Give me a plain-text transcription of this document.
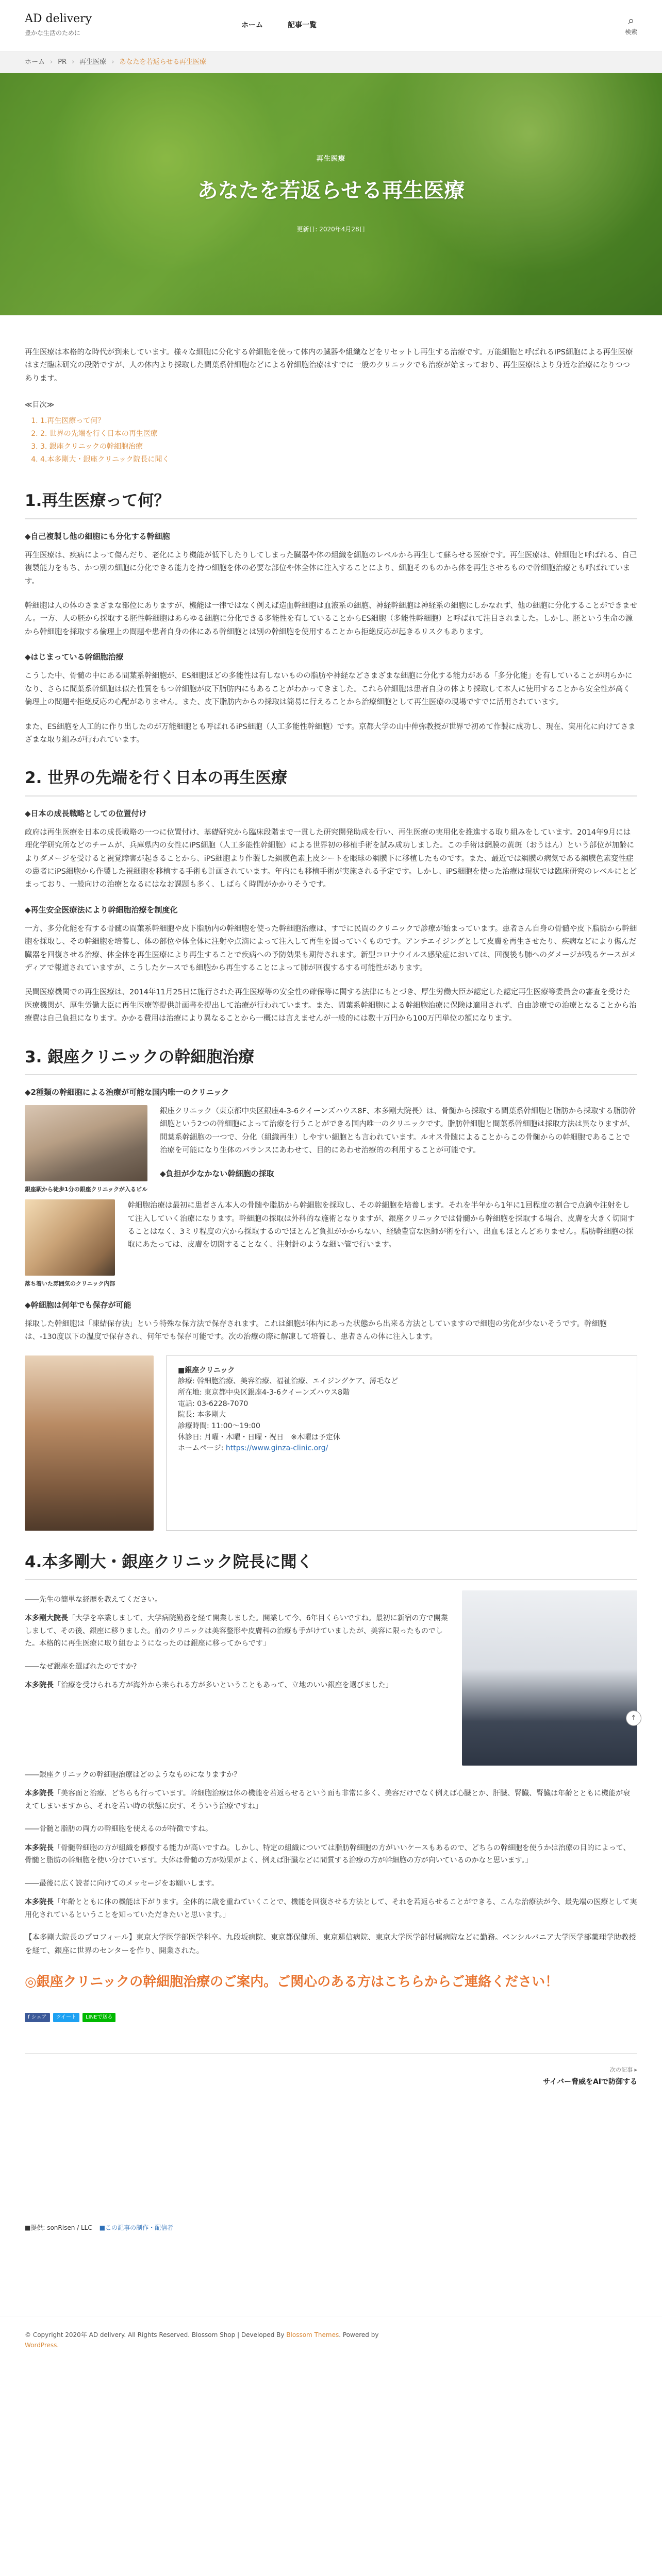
AD delivery
豊かな生活のために
ホーム	記事一覧	⌕
検索
ホーム › PR › 再生医療 › あなたを若返らせる再生医療
再生医療
あなたを若返らせる再生医療
更新日: 2020年4月28日

再生医療は本格的な時代が到来しています。様々な細胞に分化する幹細胞を使って体内の臓器や組織などをリセットし再生する治療です。万能細胞と呼ばれるiPS細胞による再生医療はまだ臨床研究の段階ですが、人の体内より採取した間葉系幹細胞などによる幹細胞治療はすでに一般のクリニックでも治療が始まっており、再生医療はより身近な治療になりつつあります。

≪目次≫
1. 1.再生医療って何？
2. 2. 世界の先端を行く日本の再生医療
3. 3. 銀座クリニックの幹細胞治療
4. 4.本多剛大・銀座クリニック院長に聞く
1.再生医療って何？
◆自己複製し他の細胞にも分化する幹細胞

再生医療は、疾病によって傷んだり、老化により機能が低下したりしてしまった臓器や体の組織を細胞のレベルから再生して蘇らせる医療です。再生医療は、幹細胞と呼ばれる、自己複製能力をもち、かつ別の細胞に分化できる能力を持つ細胞を体の必要な部位や体全体に注入することにより、細胞そのものから体を再生させるもので幹細胞治療とも呼ばれています。

幹細胞は人の体のさまざまな部位にありますが、機能は一律ではなく例えば造血幹細胞は血液系の細胞、神経幹細胞は神経系の細胞にしかなれず、他の細胞に分化することができません。一方、人の胚から採取する胚性幹細胞はあらゆる細胞に分化できる多能性を有していることからES細胞（多能性幹細胞）と呼ばれて注目されました。しかし、胚という生命の源から幹細胞を採取する倫理上の問題や患者自身の体にある幹細胞とは別の幹細胞を使用することから拒絶反応が起きるリスクもあります。

◆はじまっている幹細胞治療

こうした中、骨髄の中にある間葉系幹細胞が、ES細胞ほどの多能性は有しないものの脂肪や神経などさまざまな細胞に分化する能力がある「多分化能」を有していることが明らかになり、さらに間葉系幹細胞は似た性質をもつ幹細胞が皮下脂肪内にもあることがわかってきました。これら幹細胞は患者自身の体より採取して本人に使用することから安全性が高く倫理上の問題や拒絶反応の心配がありません。また、皮下脂肪内からの採取は簡易に行えることから治療細胞として再生医療の現場ですでに活用されています。

また、ES細胞を人工的に作り出したのが万能細胞とも呼ばれるiPS細胞（人工多能性幹細胞）です。京都大学の山中伸弥教授が世界で初めて作製に成功し、現在、実用化に向けてさまざまな取り組みが行われています。

2. 世界の先端を行く日本の再生医療
◆日本の成長戦略としての位置付け

政府は再生医療を日本の成長戦略の一つに位置付け、基礎研究から臨床段階まで一貫した研究開発助成を行い、再生医療の実用化を推進する取り組みをしています。2014年9月には理化学研究所などのチームが、兵庫県内の女性にiPS細胞（人工多能性幹細胞）による世界初の移植手術を試み成功しました。この手術は網膜の黄斑（おうはん）という部位が加齢によりダメージを受けると視覚障害が起きることから、iPS細胞より作製した網膜色素上皮シートを眼球の網膜下に移植したものです。また、最近では網膜の病気である網膜色素変性症の患者にiPS細胞から作製した視細胞を移植する手術も計画されています。年内にも移植手術が実施される予定です。しかし、iPS細胞を使った治療は現状では臨床研究のレベルにとどまっており、一般向けの治療となるにはなお課題も多く、しばらく時間がかかりそうです。

◆再生安全医療法により幹細胞治療を制度化

一方、多分化能を有する骨髄の間葉系幹細胞や皮下脂肪内の幹細胞を使った幹細胞治療は、すでに民間のクリニックで診療が始まっています。患者さん自身の骨髄や皮下脂肪から幹細胞を採取し、その幹細胞を培養し、体の部位や体全体に注射や点滴によって注入して再生を図っていくものです。アンチエイジングとして皮膚を再生させたり、疾病などにより傷んだ臓器を回復させる治療、体全体を再生医療により再生することで疾病への予防効果も期待されます。新型コロナウイルス感染症においては、回復後も肺へのダメージが残るケースがメディアで報道されていますが、こうしたケースでも細胞から再生することによって肺が回復するする可能性があります。

民間医療機関での再生医療は、2014年11月25日に施行された再生医療等の安全性の確保等に関する法律にもとづき、厚生労働大臣が認定した認定再生医療等委員会の審査を受けた医療機関が、厚生労働大臣に再生医療等提供計画書を提出して治療が行われています。また、間葉系幹細胞による幹細胞治療に保険は適用されず、自由診療での治療となることから治療費は自己負担になります。かかる費用は治療により異なることから一概には言えませんが一般的には数十万円から100万円単位の額になります。

3. 銀座クリニックの幹細胞治療
◆2種類の幹細胞による治療が可能な国内唯一のクリニック
銀座駅から徒歩1分の銀座クリニックが入るビル

銀座クリニック（東京都中央区銀座4-3-6クイーンズハウス8F、本多剛大院長）は、骨髄から採取する間葉系幹細胞と脂肪から採取する脂肪幹細胞という2つの幹細胞によって治療を行うことができる国内唯一のクリニックです。脂肪幹細胞と間葉系幹細胞は採取方法は異なりますが、間葉系幹細胞の一つで、分化（組織再生）しやすい細胞とも言われています。ルオス骨髄によることからこの骨髄からの幹細胞であることで治療を可能になり生体のバランスにあわせて、目的にあわせ治療的の利用することが可能です。

◆負担が少なかない幹細胞の採取
落ち着いた雰囲気のクリニック内部

幹細胞治療は最初に患者さん本人の骨髄や脂肪から幹細胞を採取し、その幹細胞を培養します。それを半年から1年に1回程度の割合で点滴や注射をして注入していく治療になります。幹細胞の採取は外科的な施術となりますが、銀座クリニックでは骨髄から幹細胞を採取する場合、皮膚を大きく切開することはなく、3ミリ程度の穴から採取するのでほとんど負担がかからない、経験豊富な医師が術を行い、出血もほとんどありません。脂肪幹細胞の採取にあたっては、皮膚を切開することなく、注射針のような細い管で行います。

◆幹細胞は何年でも保存が可能

採取した幹細胞は「凍結保存法」という特殊な保方法で保存されます。これは細胞が体内にあった状態から出来る方法としていますので細胞の劣化が少ないそうです。幹細胞は、-130度以下の温度で保存され、何年でも保存可能です。次の治療の際に解凍して培養し、患者さんの体に注入します。

■銀座クリニック
診療: 幹細胞治療、美容治療、福祉治療、エイジングケア、薄毛など
所在地: 東京都中央区銀座4-3-6クイーンズハウス8階
電話: 03-6228-7070
院長: 本多剛大
診療時間: 11:00〜19:00
休診日: 月曜・木曜・日曜・祝日　※木曜は予定休
ホームページ: https://www.ginza-clinic.org/
4.本多剛大・銀座クリニック院長に聞く
――先生の簡単な経歴を教えてください。
本多剛大院長「大学を卒業しまして、大学病院勤務を経て開業しました。開業して今、6年目くらいですね。最初に新宿の方で開業しまして、その後、銀座に移りました。前のクリニックは美容整形や皮膚科の治療も手がけていましたが、美容に限ったものでした。本格的に再生医療に取り組むようになったのは銀座に移ってからです」
――なぜ銀座を選ばれたのですか?
本多院長「治療を受けられる方が海外から来られる方が多いということもあって、立地のいい銀座を選びました」
――銀座クリニックの幹細胞治療はどのようなものになりますか？
本多院長「美容面と治療、どちらも行っています。幹細胞治療は体の機能を若返らせるという面も非常に多く、美容だけでなく例えば心臓とか、肝臓、腎臓、腎臓は年齢とともに機能が衰えてしまいますから、それを若い時の状態に戻す、そういう治療ですね」
――骨髄と脂肪の両方の幹細胞を使えるのが特徴ですね。
本多院長「骨髄幹細胞の方が組織を修復する能力が高いですね。しかし、特定の組織については脂肪幹細胞の方がいいケースもあるので、どちらの幹細胞を使うかは治療の目的によって、骨髄と脂肪の幹細胞を使い分けています。大体は骨髄の方が効果がよく、例えば肝臓などに間質する治療の方が幹細胞の方が向いているのかなと思います。」
――最後に広く読者に向けてのメッセージをお願いします。
本多院長「年齢とともに体の機能は下がります。全体的に歳を重ねていくことで、機能を回復させる方法として、それを若返らせることができる、こんな治療法が今、最先端の医療として実用化されているということを知っていただきたいと思います。」

【本多剛大院長のプロフィール】東京大学医学部医学科卒。九段坂病院、東京都保健所、東京逓信病院、東京大学医学部付属病院などに勤務。ペンシルバニア大学医学部薬理学助教授を経て、銀座に世界のセンターを作り、開業された。

◎銀座クリニックの幹細胞治療のご案内。ご関心のある方はこちらからご連絡ください！
f シェア	ツイート	LINEで送る
次の記事 ▸
サイバー脅威をAIで防御する
■提供: sonRisen / LLC ■この記事の制作・配信者
© Copyright 2020年 AD delivery. All Rights Reserved. Blossom Shop | Developed By Blossom Themes. Powered by
WordPress.
↑
